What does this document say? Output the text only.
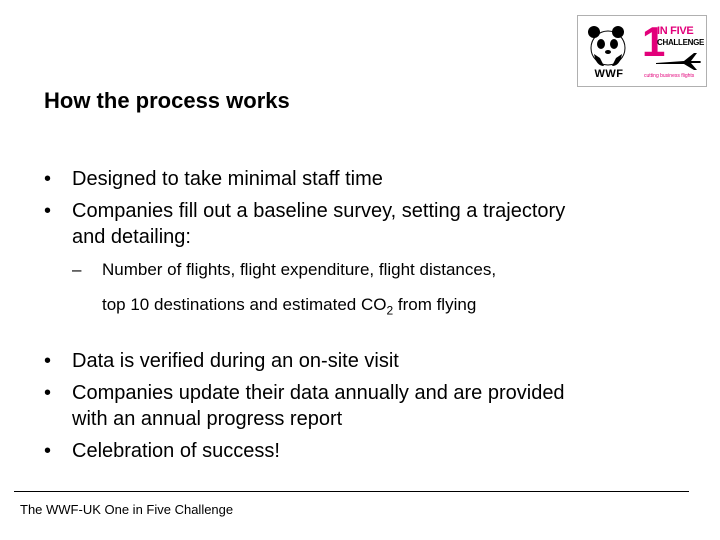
WWF
1
IN FIVE
CHALLENGE
cutting business flights
How the process works
• Designed to take minimal staff time
• Companies fill out a baseline survey, setting a trajectory
and detailing:
– Number of flights, flight expenditure, flight distances,
top 10 destinations and estimated $CO_2$ from flying
• Data is verified during an on-site visit
• Companies update their data annually and are provided
with an annual progress report
• Celebration of success!
The WWF-UK One in Five Challenge
